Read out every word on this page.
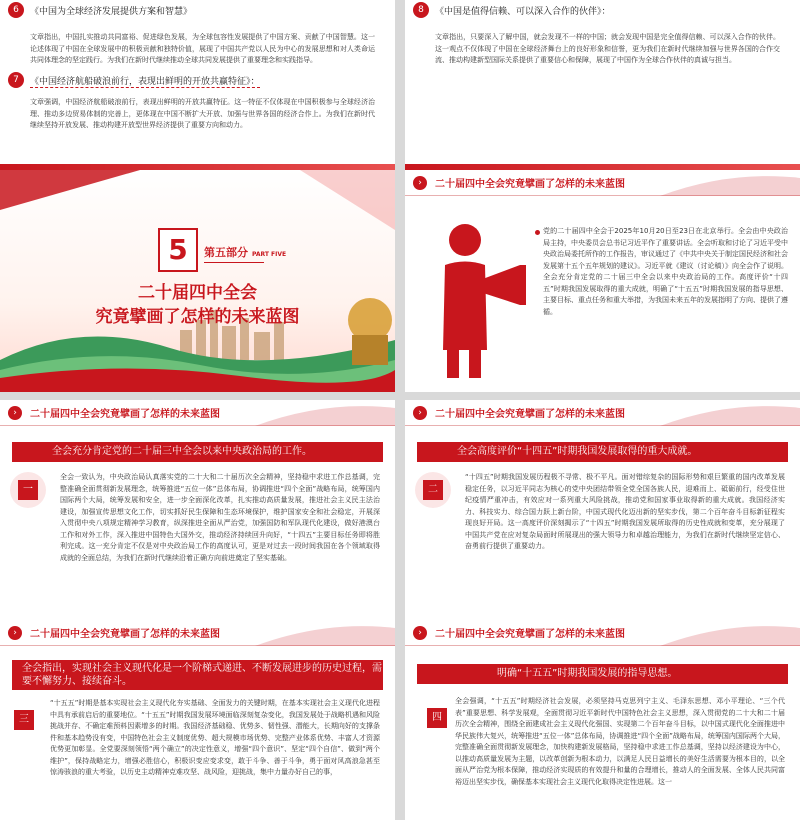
6	《中国为全球经济发展提供方案和智慧》
文章指出，中国扎实推动共同富裕、促进绿色发展，为全球包容性发展提供了中国方案、贡献了中国智慧。这一论述体现了中国在全球发展中的积极贡献和独特价值，展现了中国共产党以人民为中心的发展思想和对人类命运共同体理念的坚定践行。为我们在新时代继续推动全球共同发展提供了重要理念和实践指导。
7	《中国经济航船破浪前行，表现出鲜明的开放共赢特征》：
文章强调，中国经济航船破浪前行，表现出鲜明的开放共赢特征。这一特征不仅体现在中国积极参与全球经济治理、推动多边贸易体制的完善上，更体现在中国不断扩大开放、加强与世界各国的经济合作上。为我们在新时代继续坚持开放发展、推动构建开放型世界经济提供了重要方向和动力。
8	《中国是值得信赖、可以深入合作的伙伴》：
文章指出，只要深入了解中国，就会发现不一样的中国；就会发现中国是完全值得信赖、可以深入合作的伙伴。这一观点不仅体现了中国在全球经济舞台上的良好形象和信誉，更为我们在新时代继续加强与世界各国的合作交流、推动构建新型国际关系提供了重要信心和保障，展现了中国作为全球合作伙伴的真诚与担当。
5	第五部分 PART FIVE
二十届四中全会
究竟擘画了怎样的未来蓝图
›	二十届四中全会究竟擘画了怎样的未来蓝图
党的二十届四中全会于2025年10月20日至23日在北京举行。全会由中央政治局主持，中央委员会总书记习近平作了重要讲话。全会听取和讨论了习近平受中央政治局委托所作的工作报告，审议通过了《中共中央关于制定国民经济和社会发展第十五个五年规划的建议》。习近平就《建议（讨论稿）》向全会作了说明。全会充分肯定党的二十届三中全会以来中央政治局的工作。高度评价“十四五”时期我国发展取得的重大成就，明确了“十五五”时期我国发展的指导思想、主要目标、重点任务和重大举措，为我国未来五年的发展指明了方向、提供了遵循。
›	二十届四中全会究竟擘画了怎样的未来蓝图
全会充分肯定党的二十届三中全会以来中央政治局的工作。
一
全会一致认为，中央政治局认真落实党的二十大和二十届历次全会精神，坚持稳中求进工作总基调，完整准确全面贯彻新发展理念，统筹推进“五位一体”总体布局，协调推进“四个全面”战略布局，统筹国内国际两个大局，统筹发展和安全，进一步全面深化改革，扎实推动高质量发展，推进社会主义民主法治建设，加强宣传思想文化工作，切实抓好民生保障和生态环境保护，维护国家安全和社会稳定，开展深入贯彻中央八项规定精神学习教育，纵深推进全面从严治党，加强国防和军队现代化建设，做好港澳台工作和对外工作，深入推进中国特色大国外交，推动经济持续回升向好，“十四五”主要目标任务即将胜利完成。这一充分肯定不仅是对中央政治局工作的高度认可，更是对过去一段时间我国在各个领域取得成就的全面总结，为我们在新时代继续沿着正确方向前进奠定了坚实基础。
›	二十届四中全会究竟擘画了怎样的未来蓝图
全会高度评价“十四五”时期我国发展取得的重大成就。
二
“十四五”时期我国发展历程极不寻常、极不平凡。面对错综复杂的国际形势和艰巨繁重的国内改革发展稳定任务，以习近平同志为核心的党中央团结带领全党全国各族人民，迎难而上、砥砺前行，经受住世纪疫情严重冲击，有效应对一系列重大风险挑战，推动党和国家事业取得新的重大成就。我国经济实力、科技实力、综合国力跃上新台阶，中国式现代化迈出新的坚实步伐，第二个百年奋斗目标新征程实现良好开局。这一高度评价深刻揭示了“十四五”时期我国发展所取得的历史性成就和变革，充分展现了中国共产党在应对复杂局面时所展现出的强大领导力和卓越治理能力，为我们在新时代继续坚定信心、奋勇前行提供了重要动力。
›	二十届四中全会究竟擘画了怎样的未来蓝图
全会指出，实现社会主义现代化是一个阶梯式递进、不断发展进步的历史过程，需要不懈努力、接续奋斗。
三
“十五五”时期是基本实现社会主义现代化夯实基础、全面发力的关键时期，在基本实现社会主义现代化进程中具有承前启后的重要地位。“十五五”时期我国发展环境面临深刻复杂变化，我国发展处于战略机遇和风险挑战并存、不确定难预料因素增多的时期。我国经济基础稳、优势多、韧性强、潜能大，长期向好的支撑条件和基本趋势没有变，中国特色社会主义制度优势、超大规模市场优势、完整产业体系优势、丰富人才资源优势更加彰显。全党要深刻领悟“两个确立”的决定性意义，增强“四个意识”、坚定“四个自信”、做到“两个维护”，保持战略定力，增强必胜信心，积极识变应变求变，敢于斗争、善于斗争，勇于面对风高浪急甚至惊涛骇浪的重大考验，以历史主动精神克难攻坚、战风险，迎挑战，集中力量办好自己的事，
›	二十届四中全会究竟擘画了怎样的未来蓝图
明确“十五五”时期我国发展的指导思想。
四
全会强调，“十五五”时期经济社会发展，必须坚持马克思列宁主义、毛泽东思想、邓小平理论、“三个代表”重要思想、科学发展观，全面贯彻习近平新时代中国特色社会主义思想，深入贯彻党的二十大和二十届历次全会精神，围绕全面建成社会主义现代化强国、实现第二个百年奋斗目标，以中国式现代化全面推进中华民族伟大复兴，统筹推进“五位一体”总体布局，协调推进“四个全面”战略布局，统筹国内国际两个大局，完整准确全面贯彻新发展理念，加快构建新发展格局，坚持稳中求进工作总基调，坚持以经济建设为中心，以推动高质量发展为主题，以改革创新为根本动力，以满足人民日益增长的美好生活需要为根本目的，以全面从严治党为根本保障，推动经济实现质的有效提升和量的合理增长，推动人的全面发展、全体人民共同富裕迈出坚实步伐，确保基本实现社会主义现代化取得决定性进展。这一
